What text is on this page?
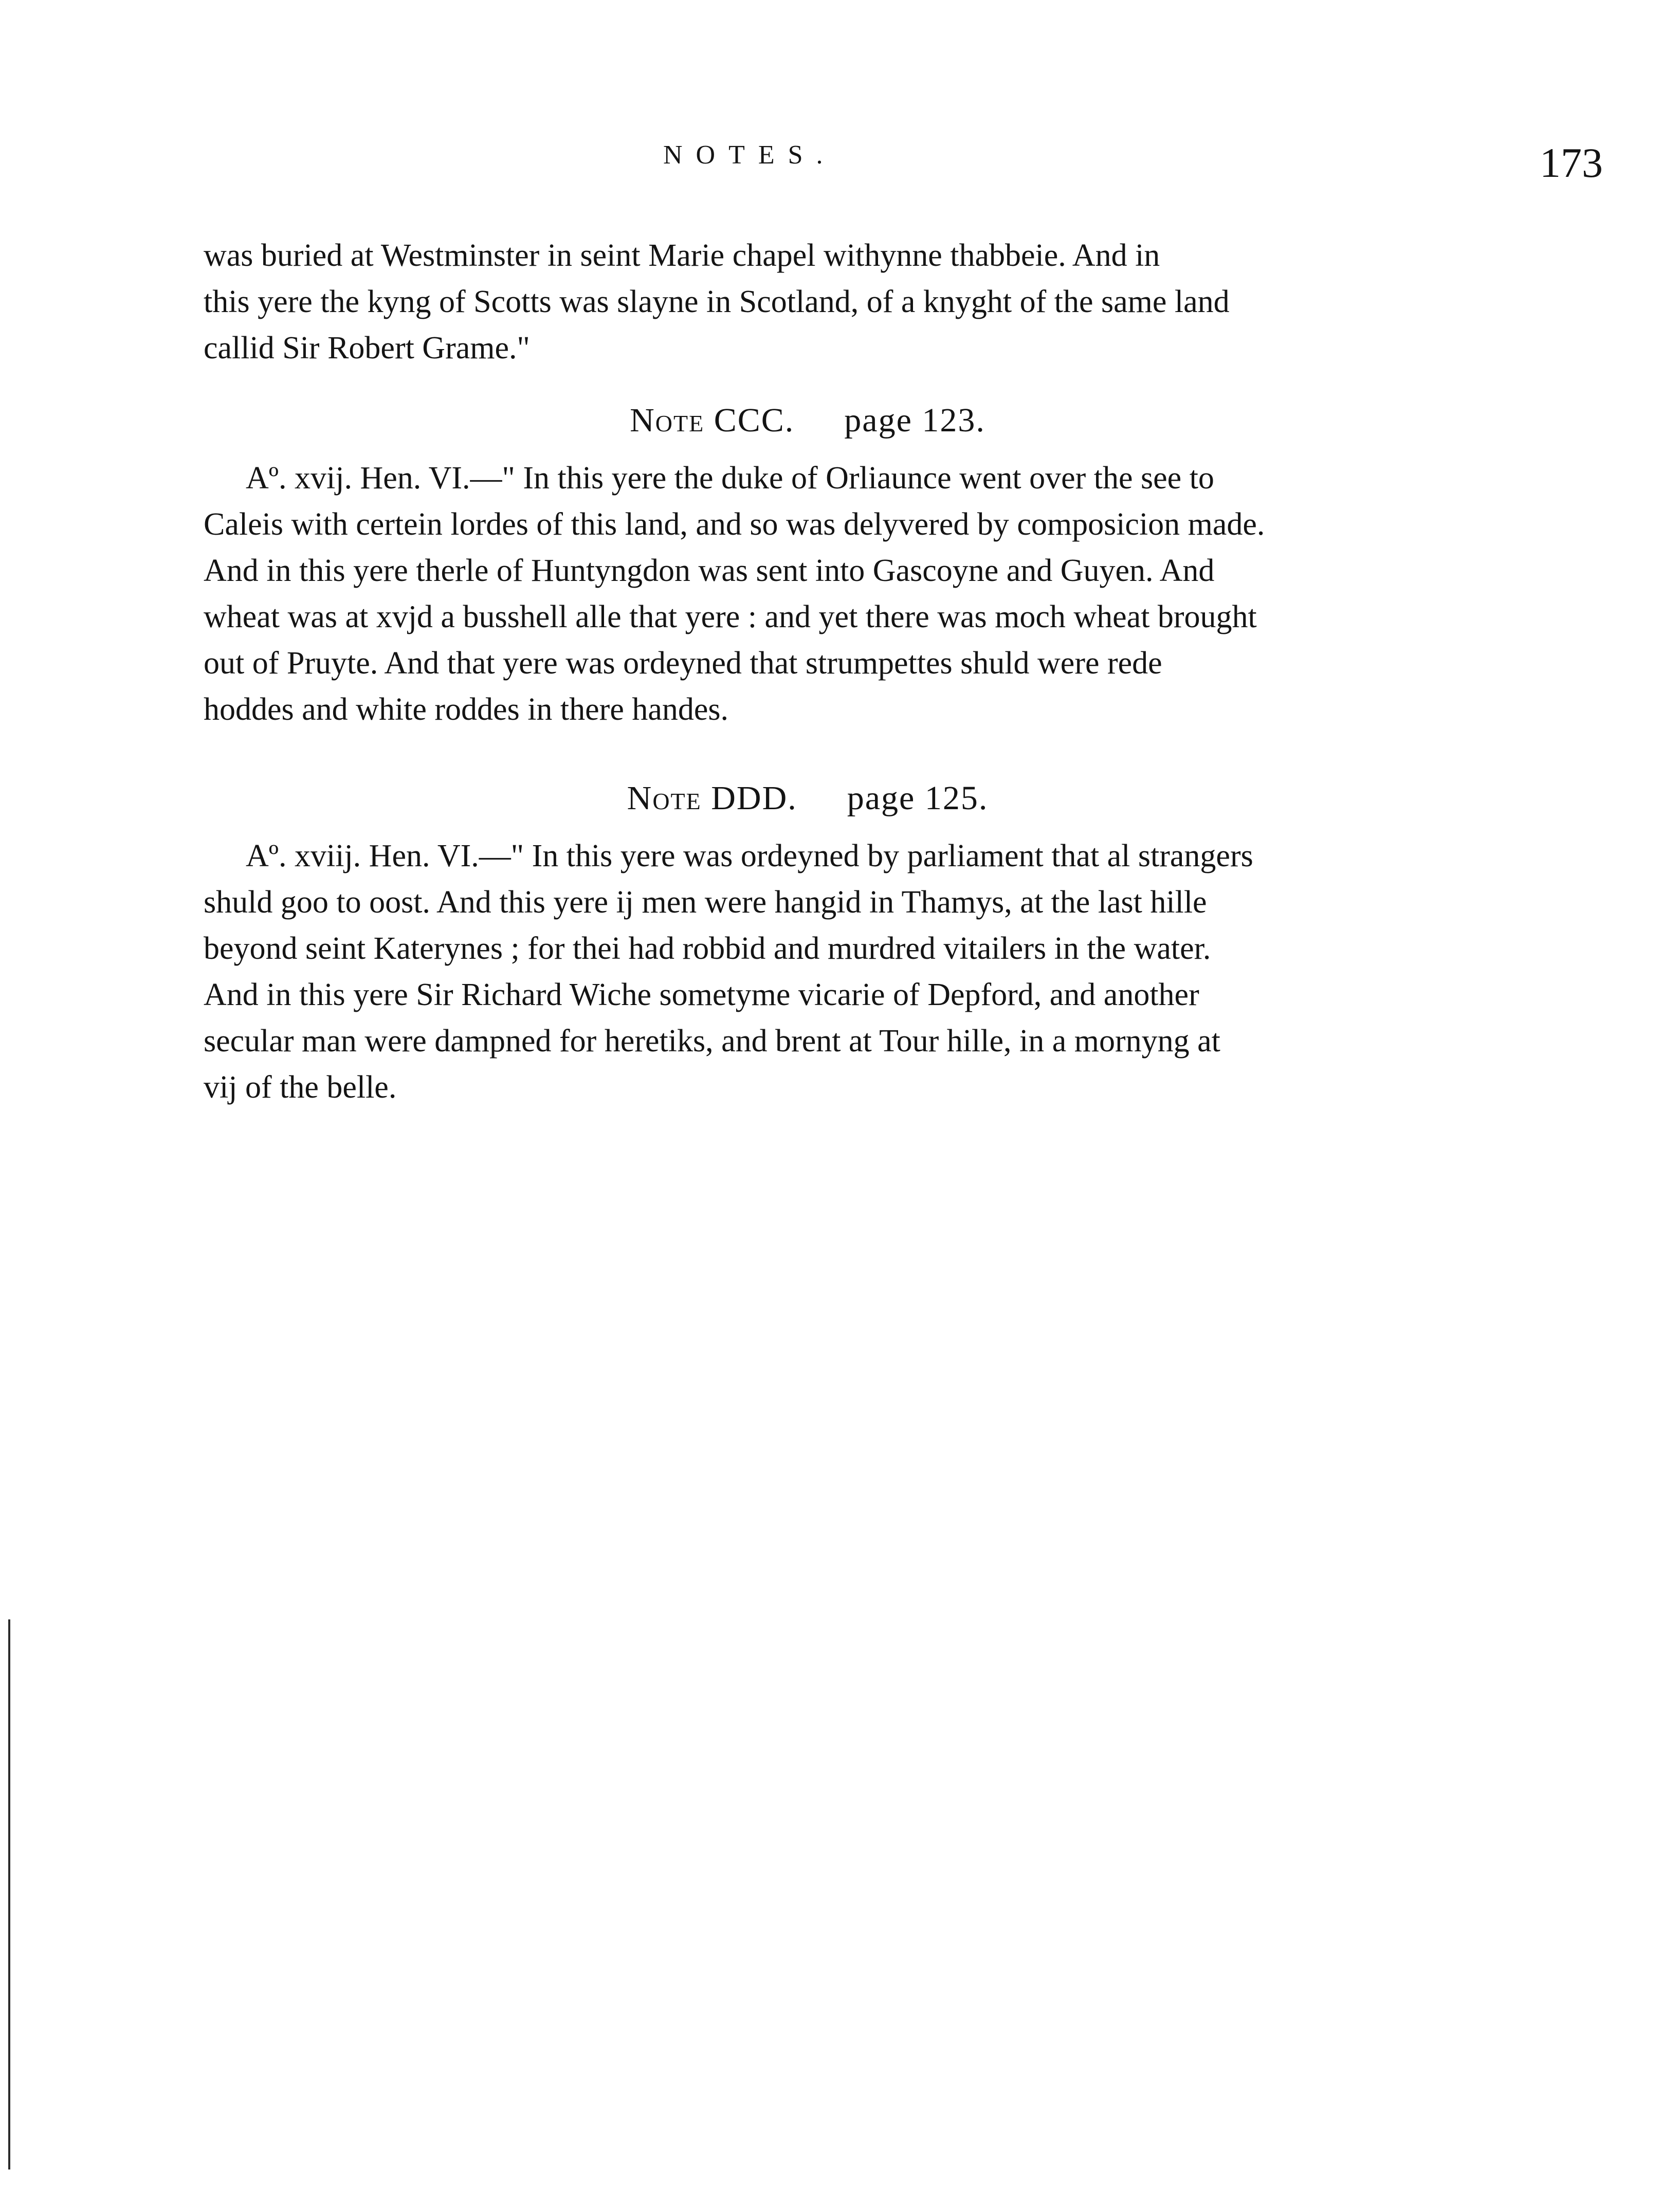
NOTES.	173
was buried at Westminster in seint Marie chapel withynne thabbeie. And in
this yere the kyng of Scotts was slayne in Scotland, of a knyght of the same land
callid Sir Robert Grame."
Note CCC. page 123.
Aº. xvij. Hen. VI.—" In this yere the duke of Orliaunce went over the see to
Caleis with certein lordes of this land, and so was delyvered by composicion made.
And in this yere therle of Huntyngdon was sent into Gascoyne and Guyen. And
wheat was at xvjd a busshell alle that yere : and yet there was moch wheat brought
out of Pruyte. And that yere was ordeyned that strumpettes shuld were rede
hoddes and white roddes in there handes.
Note DDD. page 125.
Aº. xviij. Hen. VI.—" In this yere was ordeyned by parliament that al strangers
shuld goo to oost. And this yere ij men were hangid in Thamys, at the last hille
beyond seint Katerynes ; for thei had robbid and murdred vitailers in the water.
And in this yere Sir Richard Wiche sometyme vicarie of Depford, and another
secular man were dampned for heretiks, and brent at Tour hille, in a mornyng at
vij of the belle.
